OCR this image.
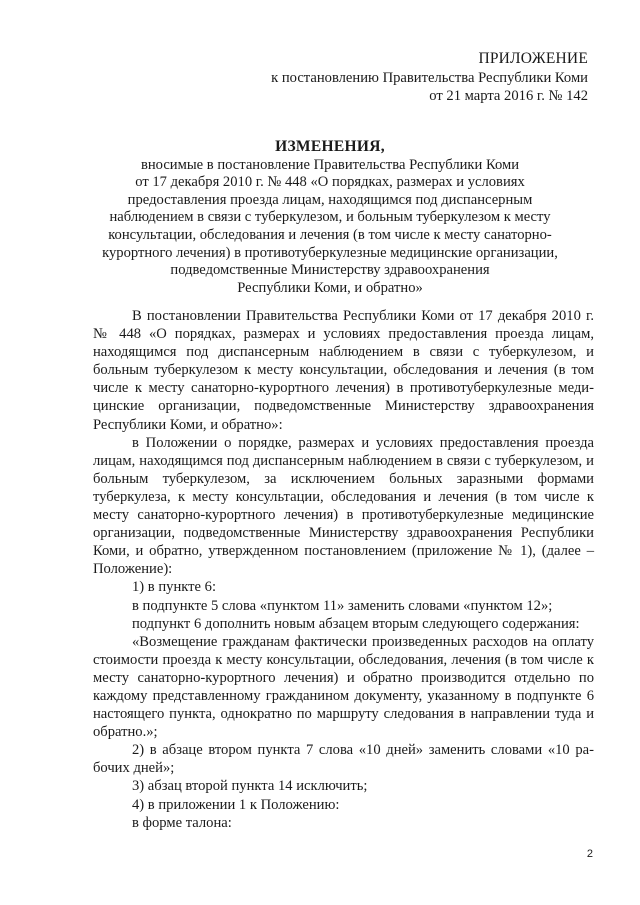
ПРИЛОЖЕНИЕ
к постановлению Правительства Республики Коми
от 21 марта 2016 г. № 142
ИЗМЕНЕНИЯ,
вносимые в постановление Правительства Республики Коми
от 17 декабря 2010 г. № 448 «О порядках, размерах и условиях
предоставления проезда лицам, находящимся под диспансерным
наблюдением в связи с туберкулезом, и больным туберкулезом к месту
консультации, обследования и лечения (в том числе к месту санаторно-
курортного лечения) в противотуберкулезные медицинские организации,
подведомственные Министерству здравоохранения
Республики Коми, и обратно»

В постановлении Правительства Республики Коми от 17 декабря 2010 г. № 448 «О порядках, размерах и условиях предоставления проезда лицам, находящимся под диспансерным наблюдением в связи с туберкулезом, и больным туберкулезом к месту консультации, обследования и лечения (в том числе к месту санаторно-курортного лечения) в противотуберкулезные медицинские организации, подведомственные Министерству здравоохранения Республики Коми, и обратно»:

в Положении о порядке, размерах и условиях предоставления проезда лицам, находящимся под диспансерным наблюдением в связи с туберкулезом, и больным туберкулезом, за исключением больных заразными формами туберкулеза, к месту консультации, обследования и лечения (в том числе к месту санаторно-курортного лечения) в противотуберкулезные медицинские организации, подведомственные Министерству здравоохранения Республики Коми, и обратно, утвержденном постановлением (приложение № 1), (далее – Положение):

1) в пункте 6:

в подпункте 5 слова «пунктом 11» заменить словами «пунктом 12»;

подпункт 6 дополнить новым абзацем вторым следующего содержания:

«Возмещение гражданам фактически произведенных расходов на оплату стоимости проезда к месту консультации, обследования, лечения (в том числе к месту санаторно-курортного лечения) и обратно производится отдельно по каждому представленному гражданином документу, указанному в подпункте 6 настоящего пункта, однократно по маршруту следования в направлении туда и обратно.»;

2) в абзаце втором пункта 7 слова «10 дней» заменить словами «10 рабочих дней»;

3) абзац второй пункта 14 исключить;

4) в приложении 1 к Положению:

в форме талона:

2
